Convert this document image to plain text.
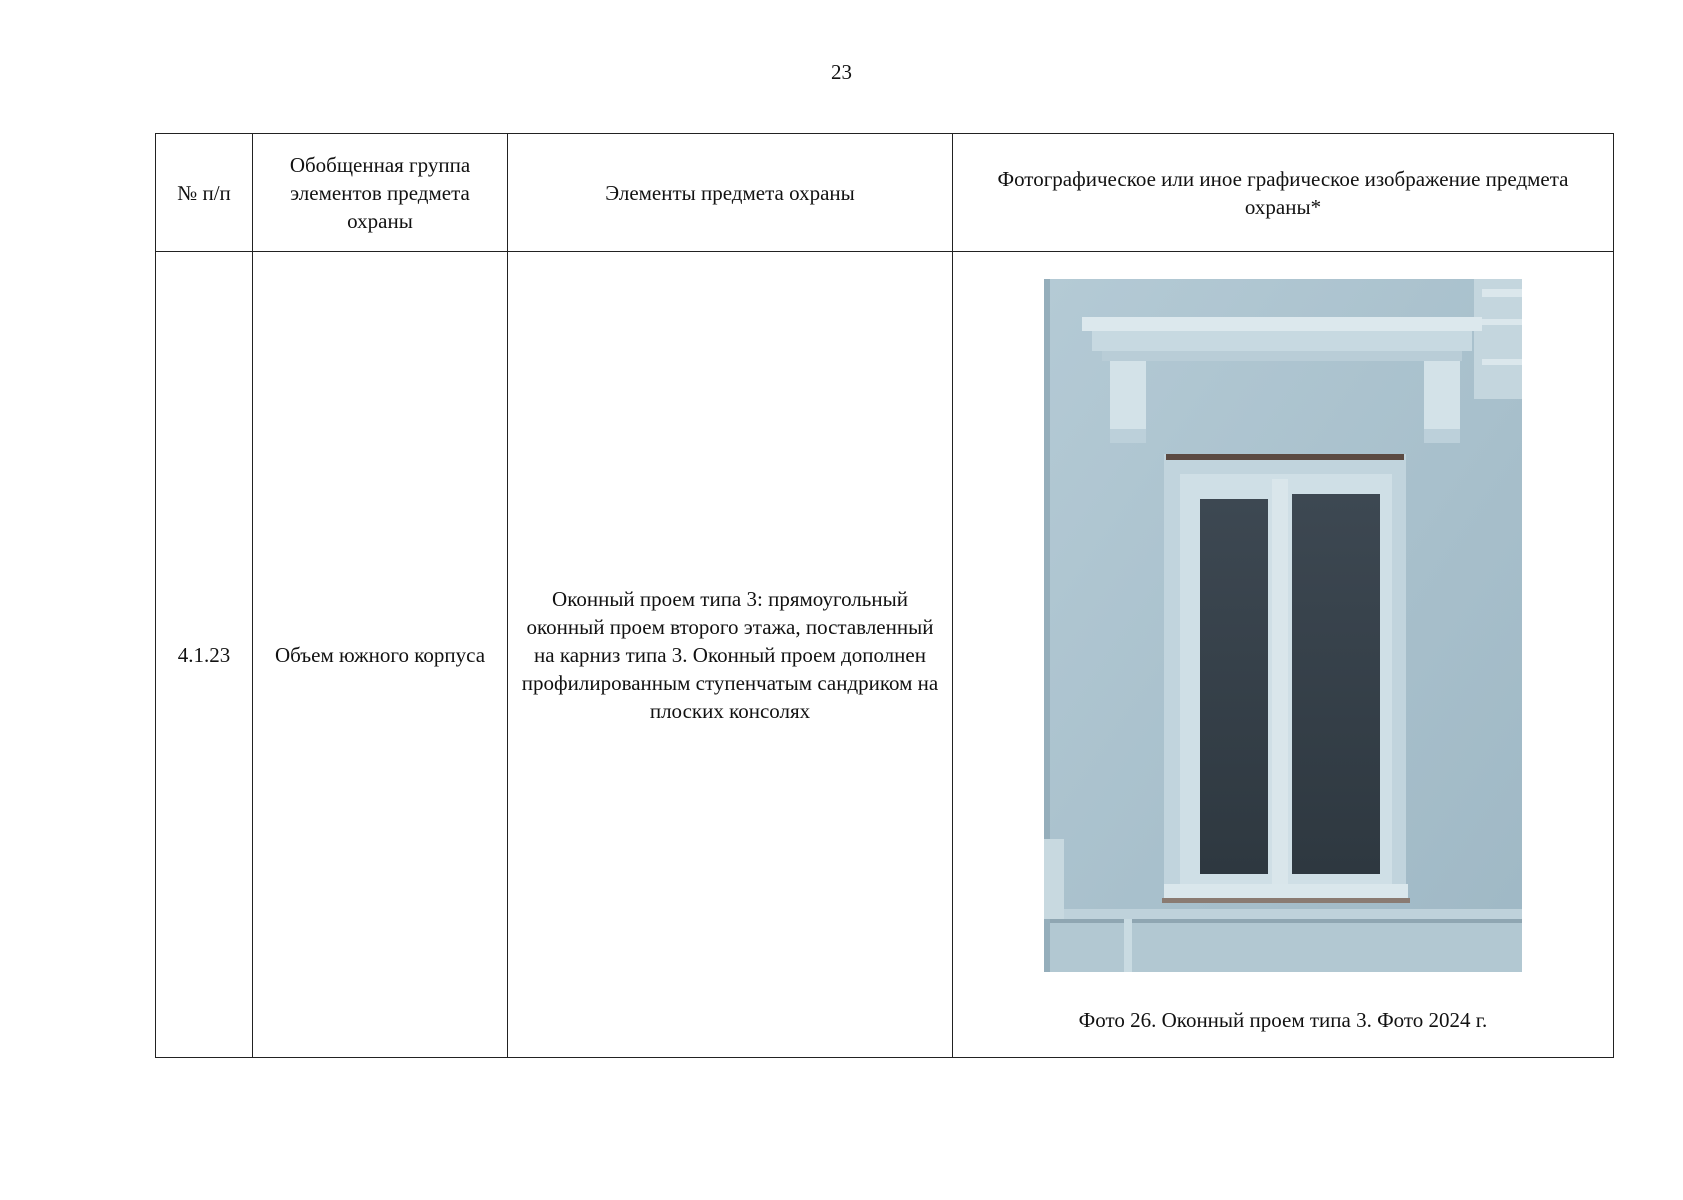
23
№ п/п	Обобщенная группа элементов предмета охраны	Элементы предмета охраны	Фотографическое или иное графическое изображение предмета охраны*
4.1.23	Объем южного корпуса	Оконный проем типа 3: прямоугольный оконный проем второго этажа, поставленный на карниз типа 3. Оконный проем дополнен профилированным ступенчатым сандриком на плоских консолях	Фото 26. Оконный проем типа 3. Фото 2024 г.
